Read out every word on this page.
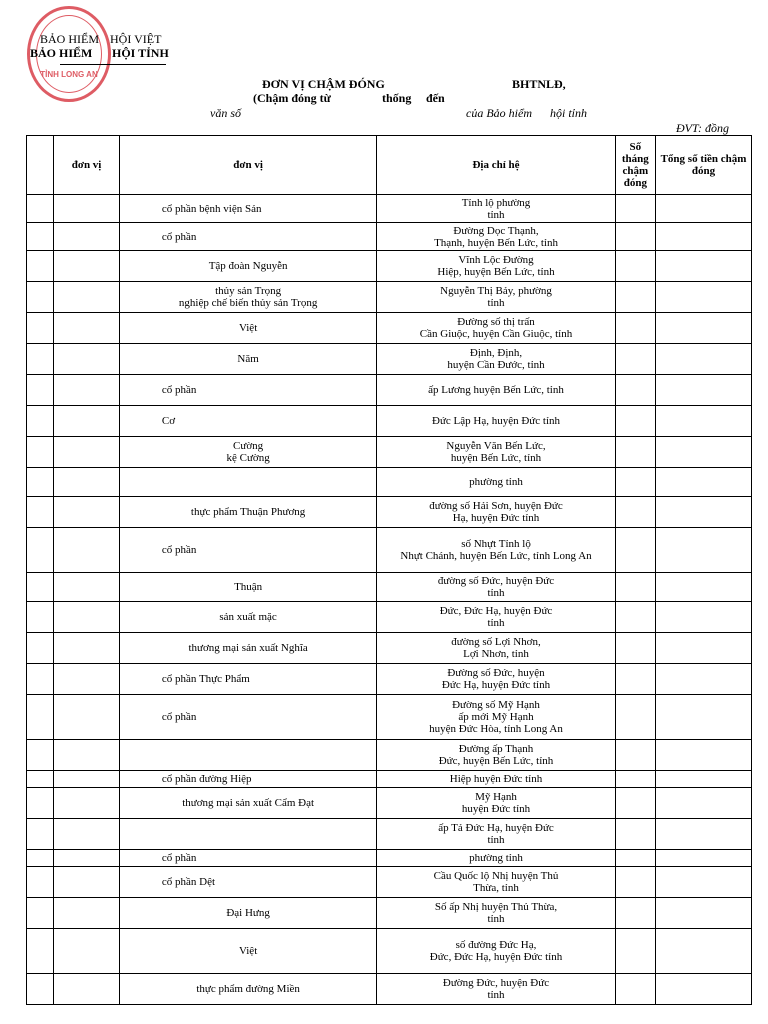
TỈNH LONG AN
BẢO HIỂM HỘI VIỆT
BẢO HIỂM HỘI TỈNH
ĐƠN VỊ CHẬM ĐÓNG	BHTNLĐ,
(Chậm đóng từ	thống đến
văn số	của Bảo hiểm hội tỉnh
ĐVT: đồng
	đơn vị	đơn vị	Địa chỉ hệ	Số tháng chậm đóng	Tổng số tiền chậm đóng
		cổ phần bệnh viện Sản	Tỉnh lộ phường
tỉnh		
		cổ phần	Đường Dọc Thạnh,
Thạnh, huyện Bến Lức, tỉnh		
		Tập đoàn Nguyễn	Vĩnh Lộc Đường
Hiệp, huyện Bến Lức, tỉnh		
		thủy sản Trọng
nghiệp chế biến thủy sản Trọng	Nguyễn Thị Bảy, phường
tỉnh		
		Việt	Đường số thị trấn
Cần Giuộc, huyện Cần Giuộc, tỉnh		
		Năm	Định, Định,
huyện Cần Đước, tỉnh		
		cổ phần	ấp Lương huyện Bến Lức, tỉnh		
		Cơ	Đức Lập Hạ, huyện Đức tỉnh		
		Cường
kệ Cường	Nguyễn Văn Bến Lức,
huyện Bến Lức, tỉnh		
			phường tỉnh		
		thực phẩm Thuận Phương	đường số Hải Sơn, huyện Đức
Hạ, huyện Đức tỉnh		
		cổ phần	số Nhựt Tỉnh lộ
Nhựt Chánh, huyện Bến Lức, tỉnh Long An		
		Thuận	đường số Đức, huyện Đức
tỉnh		
		sản xuất mặc	Đức, Đức Hạ, huyện Đức
tỉnh		
		thương mại sản xuất Nghĩa	đường số Lợi Nhơn,
Lợi Nhơn, tỉnh		
		cổ phần Thực Phẩm	Đường số Đức, huyện
Đức Hạ, huyện Đức tỉnh		
		cổ phần	Đường số Mỹ Hạnh
ấp mới Mỹ Hạnh
huyện Đức Hòa, tỉnh Long An		
			Đường ấp Thạnh
Đức, huyện Bến Lức, tỉnh		
		cổ phần đường Hiệp	Hiệp huyện Đức tỉnh		
		thương mại sản xuất Cẩm Đạt	Mỹ Hạnh
huyện Đức tỉnh		
			ấp Tả Đức Hạ, huyện Đức
tỉnh		
		cổ phần	phường tỉnh		
		cổ phần Dệt	Cầu Quốc lộ Nhị huyện Thủ
Thừa, tỉnh		
		Đại Hưng	Số ấp Nhị huyện Thủ Thừa,
tỉnh		
		Việt	số đường Đức Hạ,
Đức, Đức Hạ, huyện Đức tỉnh		
		thực phẩm đường Miền	Đường Đức, huyện Đức
tỉnh		
